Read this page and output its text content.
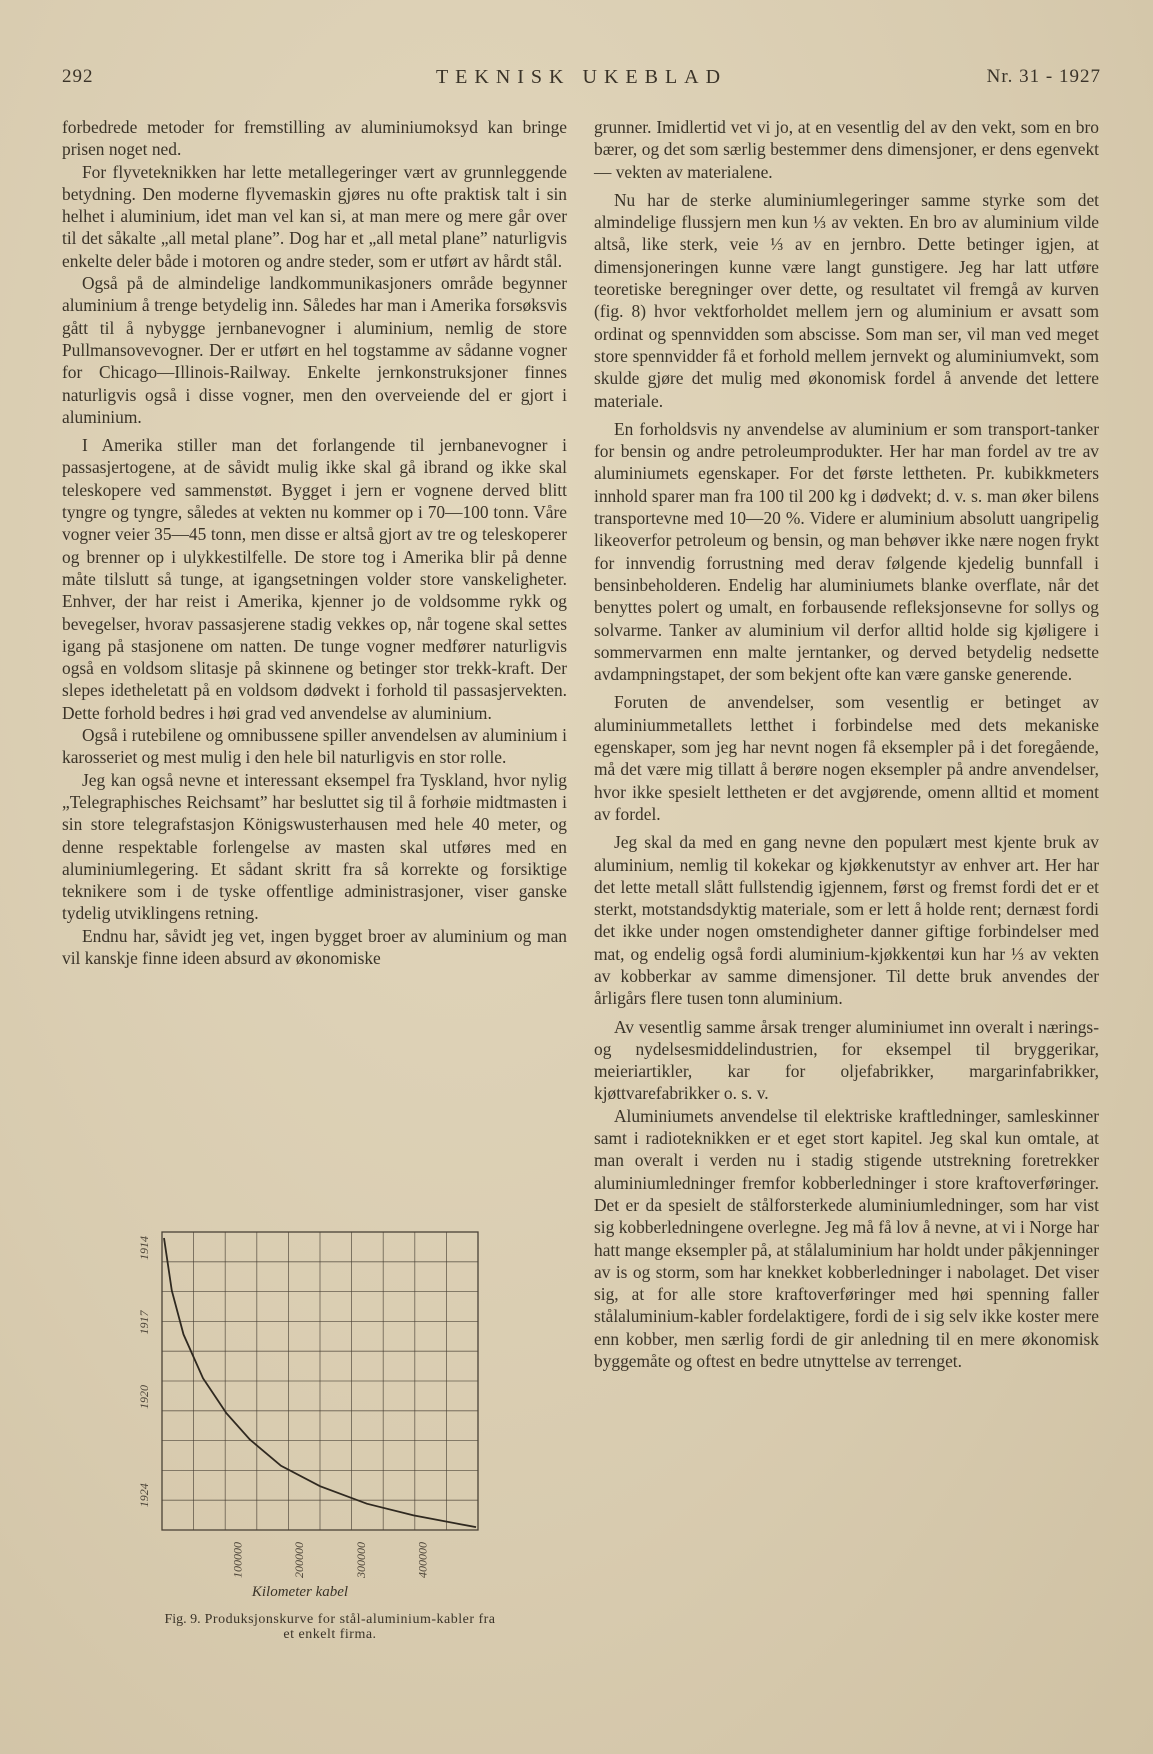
292	TEKNISK UKEBLAD	Nr. 31 - 1927

forbedrede metoder for fremstilling av aluminiumoksyd kan bringe prisen noget ned.

For flyveteknikken har lette metallegeringer vært av grunnleggende betydning. Den moderne flyvemaskin gjøres nu ofte praktisk talt i sin helhet i aluminium, idet man vel kan si, at man mere og mere går over til det såkalte „all metal plane”. Dog har et „all metal plane” naturligvis enkelte deler både i motoren og andre steder, som er utført av hårdt stål.

Også på de almindelige landkommunikasjoners område begynner aluminium å trenge betydelig inn. Således har man i Amerika forsøksvis gått til å nybygge jernbanevogner i aluminium, nemlig de store Pullmansovevogner. Der er utført en hel togstamme av sådanne vogner for Chicago—Illinois-Railway. Enkelte jernkonstruksjoner finnes naturligvis også i disse vogner, men den overveiende del er gjort i aluminium.

I Amerika stiller man det forlangende til jernbanevogner i passasjertogene, at de såvidt mulig ikke skal gå ibrand og ikke skal teleskopere ved sammenstøt. Bygget i jern er vognene derved blitt tyngre og tyngre, således at vekten nu kommer op i 70—100 tonn. Våre vogner veier 35—45 tonn, men disse er altså gjort av tre og teleskoperer og brenner op i ulykkestilfelle. De store tog i Amerika blir på denne måte tilslutt så tunge, at igangsetningen volder store vanskeligheter. Enhver, der har reist i Amerika, kjenner jo de voldsomme rykk og bevegelser, hvorav passasjerene stadig vekkes op, når togene skal settes igang på stasjonene om natten. De tunge vogner medfører naturligvis også en voldsom slitasje på skinnene og betinger stor trekk-kraft. Der slepes idetheletatt på en voldsom dødvekt i forhold til passasjervekten. Dette forhold bedres i høi grad ved anvendelse av aluminium.

Også i rutebilene og omnibussene spiller anvendelsen av aluminium i karosseriet og mest mulig i den hele bil naturligvis en stor rolle.

Jeg kan også nevne et interessant eksempel fra Tyskland, hvor nylig „Telegraphisches Reichsamt” har besluttet sig til å forhøie midtmasten i sin store telegrafstasjon Königswusterhausen med hele 40 meter, og denne respektable forlengelse av masten skal utføres med en aluminiumlegering. Et sådant skritt fra så korrekte og forsiktige teknikere som i de tyske offentlige administrasjoner, viser ganske tydelig utviklingens retning.

Endnu har, såvidt jeg vet, ingen bygget broer av aluminium og man vil kanskje finne ideen absurd av økonomiske

grunner. Imidlertid vet vi jo, at en vesentlig del av den vekt, som en bro bærer, og det som særlig bestemmer dens dimensjoner, er dens egenvekt — vekten av materialene.

Nu har de sterke aluminiumlegeringer samme styrke som det almindelige flussjern men kun ⅓ av vekten. En bro av aluminium vilde altså, like sterk, veie ⅓ av en jernbro. Dette betinger igjen, at dimensjoneringen kunne være langt gunstigere. Jeg har latt utføre teoretiske beregninger over dette, og resultatet vil fremgå av kurven (fig. 8) hvor vektforholdet mellem jern og aluminium er avsatt som ordinat og spennvidden som abscisse. Som man ser, vil man ved meget store spennvidder få et forhold mellem jernvekt og aluminiumvekt, som skulde gjøre det mulig med økonomisk fordel å anvende det lettere materiale.

En forholdsvis ny anvendelse av aluminium er som transport-tanker for bensin og andre petroleumprodukter. Her har man fordel av tre av aluminiumets egenskaper. For det første lettheten. Pr. kubikkmeters innhold sparer man fra 100 til 200 kg i dødvekt; d. v. s. man øker bilens transportevne med 10—20 %. Videre er aluminium absolutt uangripelig likeoverfor petroleum og bensin, og man behøver ikke nære nogen frykt for innvendig forrustning med derav følgende kjedelig bunnfall i bensinbeholderen. Endelig har aluminiumets blanke overflate, når det benyttes polert og umalt, en forbausende refleksjonsevne for sollys og solvarme. Tanker av aluminium vil derfor alltid holde sig kjøligere i sommervarmen enn malte jerntanker, og derved betydelig nedsette avdampningstapet, der som bekjent ofte kan være ganske generende.

Foruten de anvendelser, som vesentlig er betinget av aluminiummetallets letthet i forbindelse med dets mekaniske egenskaper, som jeg har nevnt nogen få eksempler på i det foregående, må det være mig tillatt å berøre nogen eksempler på andre anvendelser, hvor ikke spesielt lettheten er det avgjørende, omenn alltid et moment av fordel.

Jeg skal da med en gang nevne den populært mest kjente bruk av aluminium, nemlig til kokekar og kjøkkenutstyr av enhver art. Her har det lette metall slått fullstendig igjennem, først og fremst fordi det er et sterkt, motstandsdyktig materiale, som er lett å holde rent; dernæst fordi det ikke under nogen omstendigheter danner giftige forbindelser med mat, og endelig også fordi aluminium-kjøkkentøi kun har ⅓ av vekten av kobberkar av samme dimensjoner. Til dette bruk anvendes der årligårs flere tusen tonn aluminium.

Av vesentlig samme årsak trenger aluminiumet inn overalt i nærings- og nydelsesmiddelindustrien, for eksempel til bryggerikar, meieriartikler, kar for oljefabrikker, margarinfabrikker, kjøttvarefabrikker o. s. v.

Aluminiumets anvendelse til elektriske kraftledninger, samleskinner samt i radioteknikken er et eget stort kapitel. Jeg skal kun omtale, at man overalt i verden nu i stadig stigende utstrekning foretrekker aluminiumledninger fremfor kobberledninger i store kraftoverføringer. Det er da spesielt de stålforsterkede aluminiumledninger, som har vist sig kobberledningene overlegne. Jeg må få lov å nevne, at vi i Norge har hatt mange eksempler på, at stålaluminium har holdt under påkjenninger av is og storm, som har knekket kobberledninger i nabolaget. Det viser sig, at for alle store kraftoverføringer med høi spenning faller stålaluminium-kabler fordelaktigere, fordi de i sig selv ikke koster mere enn kobber, men særlig fordi de gir anledning til en mere økonomisk byggemåte og oftest en bedre utnyttelse av terrenget.

1914
1917
1920
1924
100000	200000	300000	400000
Kilometer kabel
Fig. 9. Produksjonskurve for stål-aluminium-kabler fra et enkelt firma.
